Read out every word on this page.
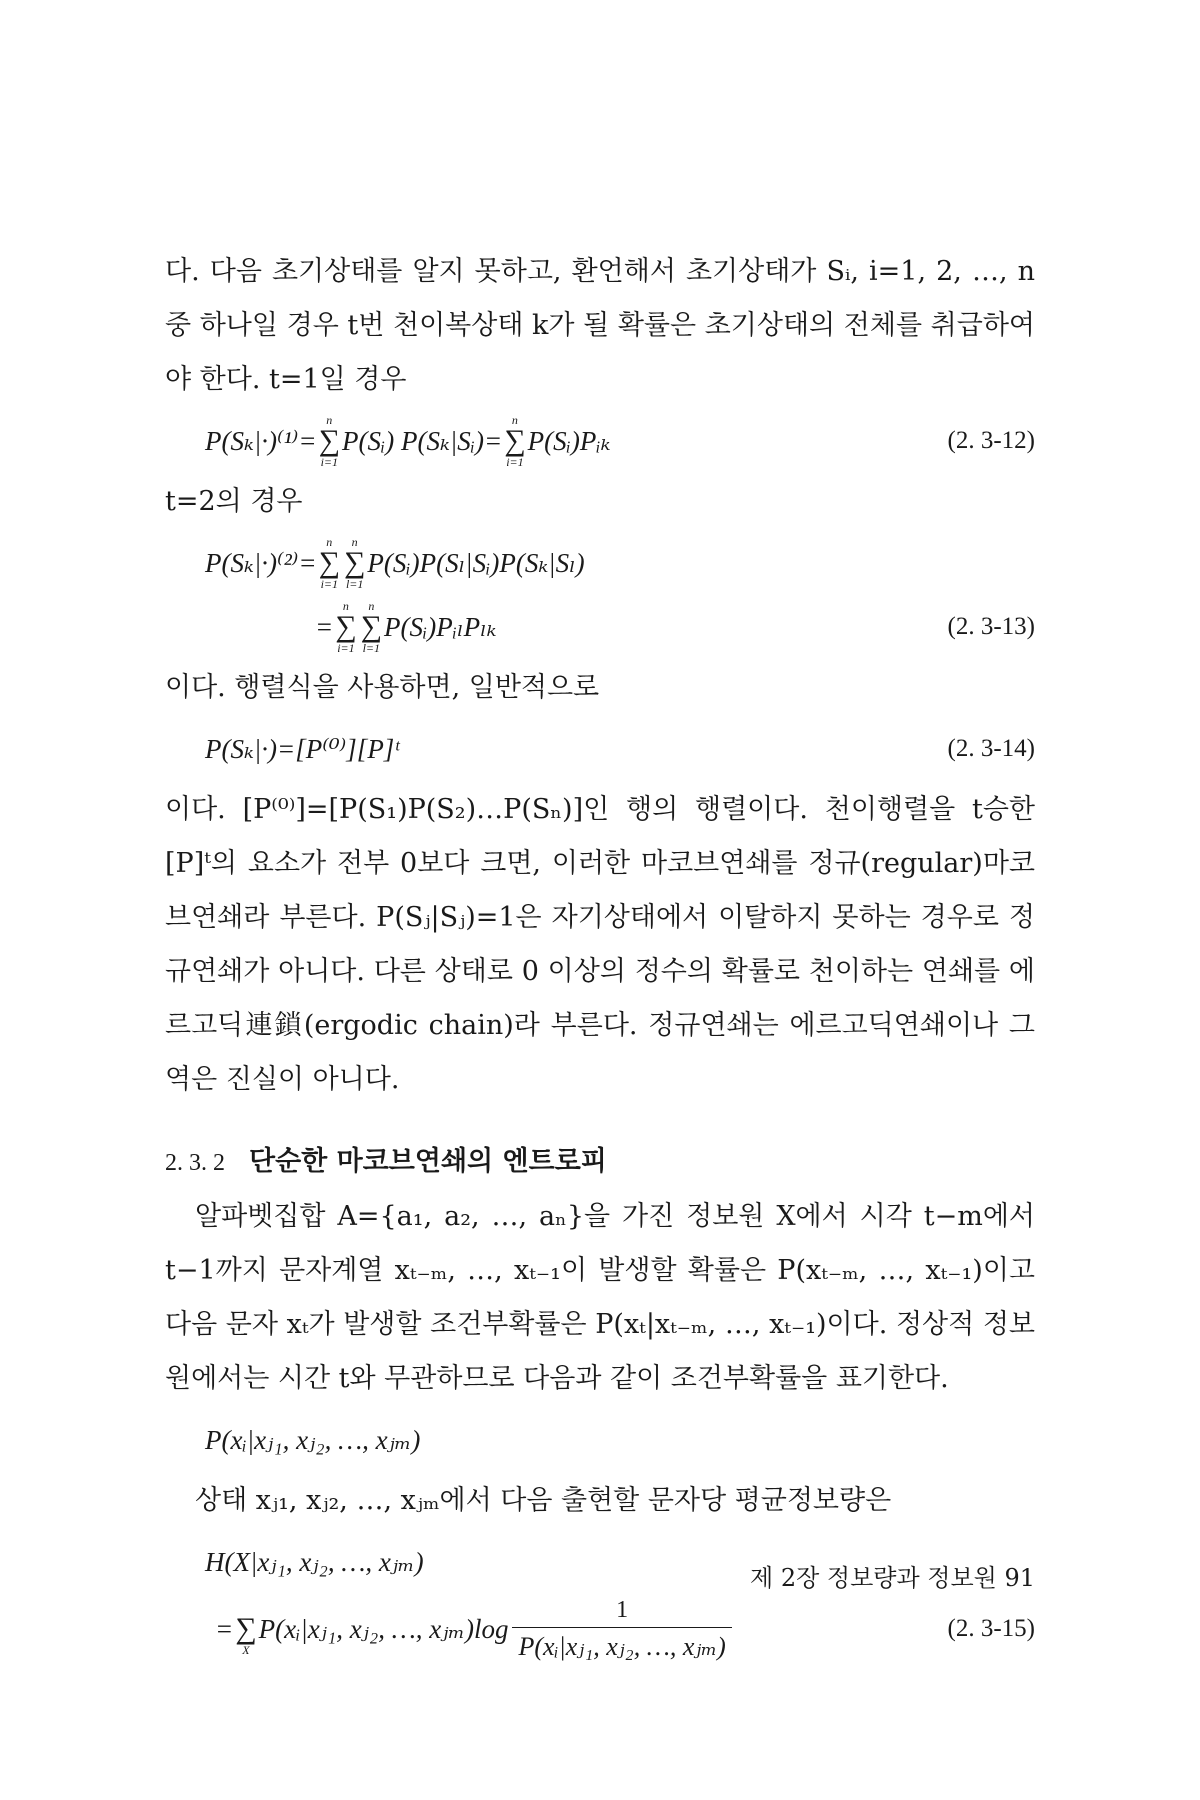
다. 다음 초기상태를 알지 못하고, 환언해서 초기상태가 Sᵢ, i=1, 2, …, n 중 하나일 경우 t번 천이복상태 k가 될 확률은 초기상태의 전체를 취급하여야 한다. t=1일 경우

P(Sₖ|·)⁽¹⁾ =
n
∑
i=1
P(Sᵢ) P(Sₖ|Sᵢ) =
n
∑
i=1
P(Sᵢ)Pᵢₖ	(2. 3-12)

t=2의 경우

P(Sₖ|·)⁽²⁾ =
n
∑
i=1
n
∑
l=1
P(Sᵢ)P(Sₗ|Sᵢ)P(Sₖ|Sₗ)
=
n
∑
i=1
n
∑
l=1
P(Sᵢ)PᵢₗPₗₖ	(2. 3-13)

이다. 행렬식을 사용하면, 일반적으로

P(Sₖ|·)=[P⁽⁰⁾][P]ᵗ	(2. 3-14)

이다. [P⁽⁰⁾]=[P(S₁)P(S₂)…P(Sₙ)]인 행의 행렬이다. 천이행렬을 t승한 [P]ᵗ의 요소가 전부 0보다 크면, 이러한 마코브연쇄를 정규(regular)마코브연쇄라 부른다. P(Sⱼ|Sⱼ)=1은 자기상태에서 이탈하지 못하는 경우로 정규연쇄가 아니다. 다른 상태로 0 이상의 정수의 확률로 천이하는 연쇄를 에르고딕連鎖(ergodic chain)라 부른다. 정규연쇄는 에르고딕연쇄이나 그 역은 진실이 아니다.

2. 3. 2 단순한 마코브연쇄의 엔트로피

알파벳집합 A={a₁, a₂, …, aₙ}을 가진 정보원 X에서 시각 t−m에서 t−1까지 문자계열 xₜ₋ₘ, …, xₜ₋₁이 발생할 확률은 P(xₜ₋ₘ, …, xₜ₋₁)이고 다음 문자 xₜ가 발생할 조건부확률은 P(xₜ|xₜ₋ₘ, …, xₜ₋₁)이다. 정상적 정보원에서는 시간 t와 무관하므로 다음과 같이 조건부확률을 표기한다.

P(xᵢ|xⱼ₁, xⱼ₂, …, xⱼₘ)

상태 xⱼ₁, xⱼ₂, …, xⱼₘ에서 다음 출현할 문자당 평균정보량은

H(X|xⱼ₁, xⱼ₂, …, xⱼₘ)
=
∑
X
P(xᵢ|xⱼ₁, xⱼ₂, …, xⱼₘ)log $\frac{1}{\text{P(xᵢ|xⱼ₁, xⱼ₂, …, xⱼₘ)}}$	(2. 3-15)
제 2장 정보량과 정보원 91
